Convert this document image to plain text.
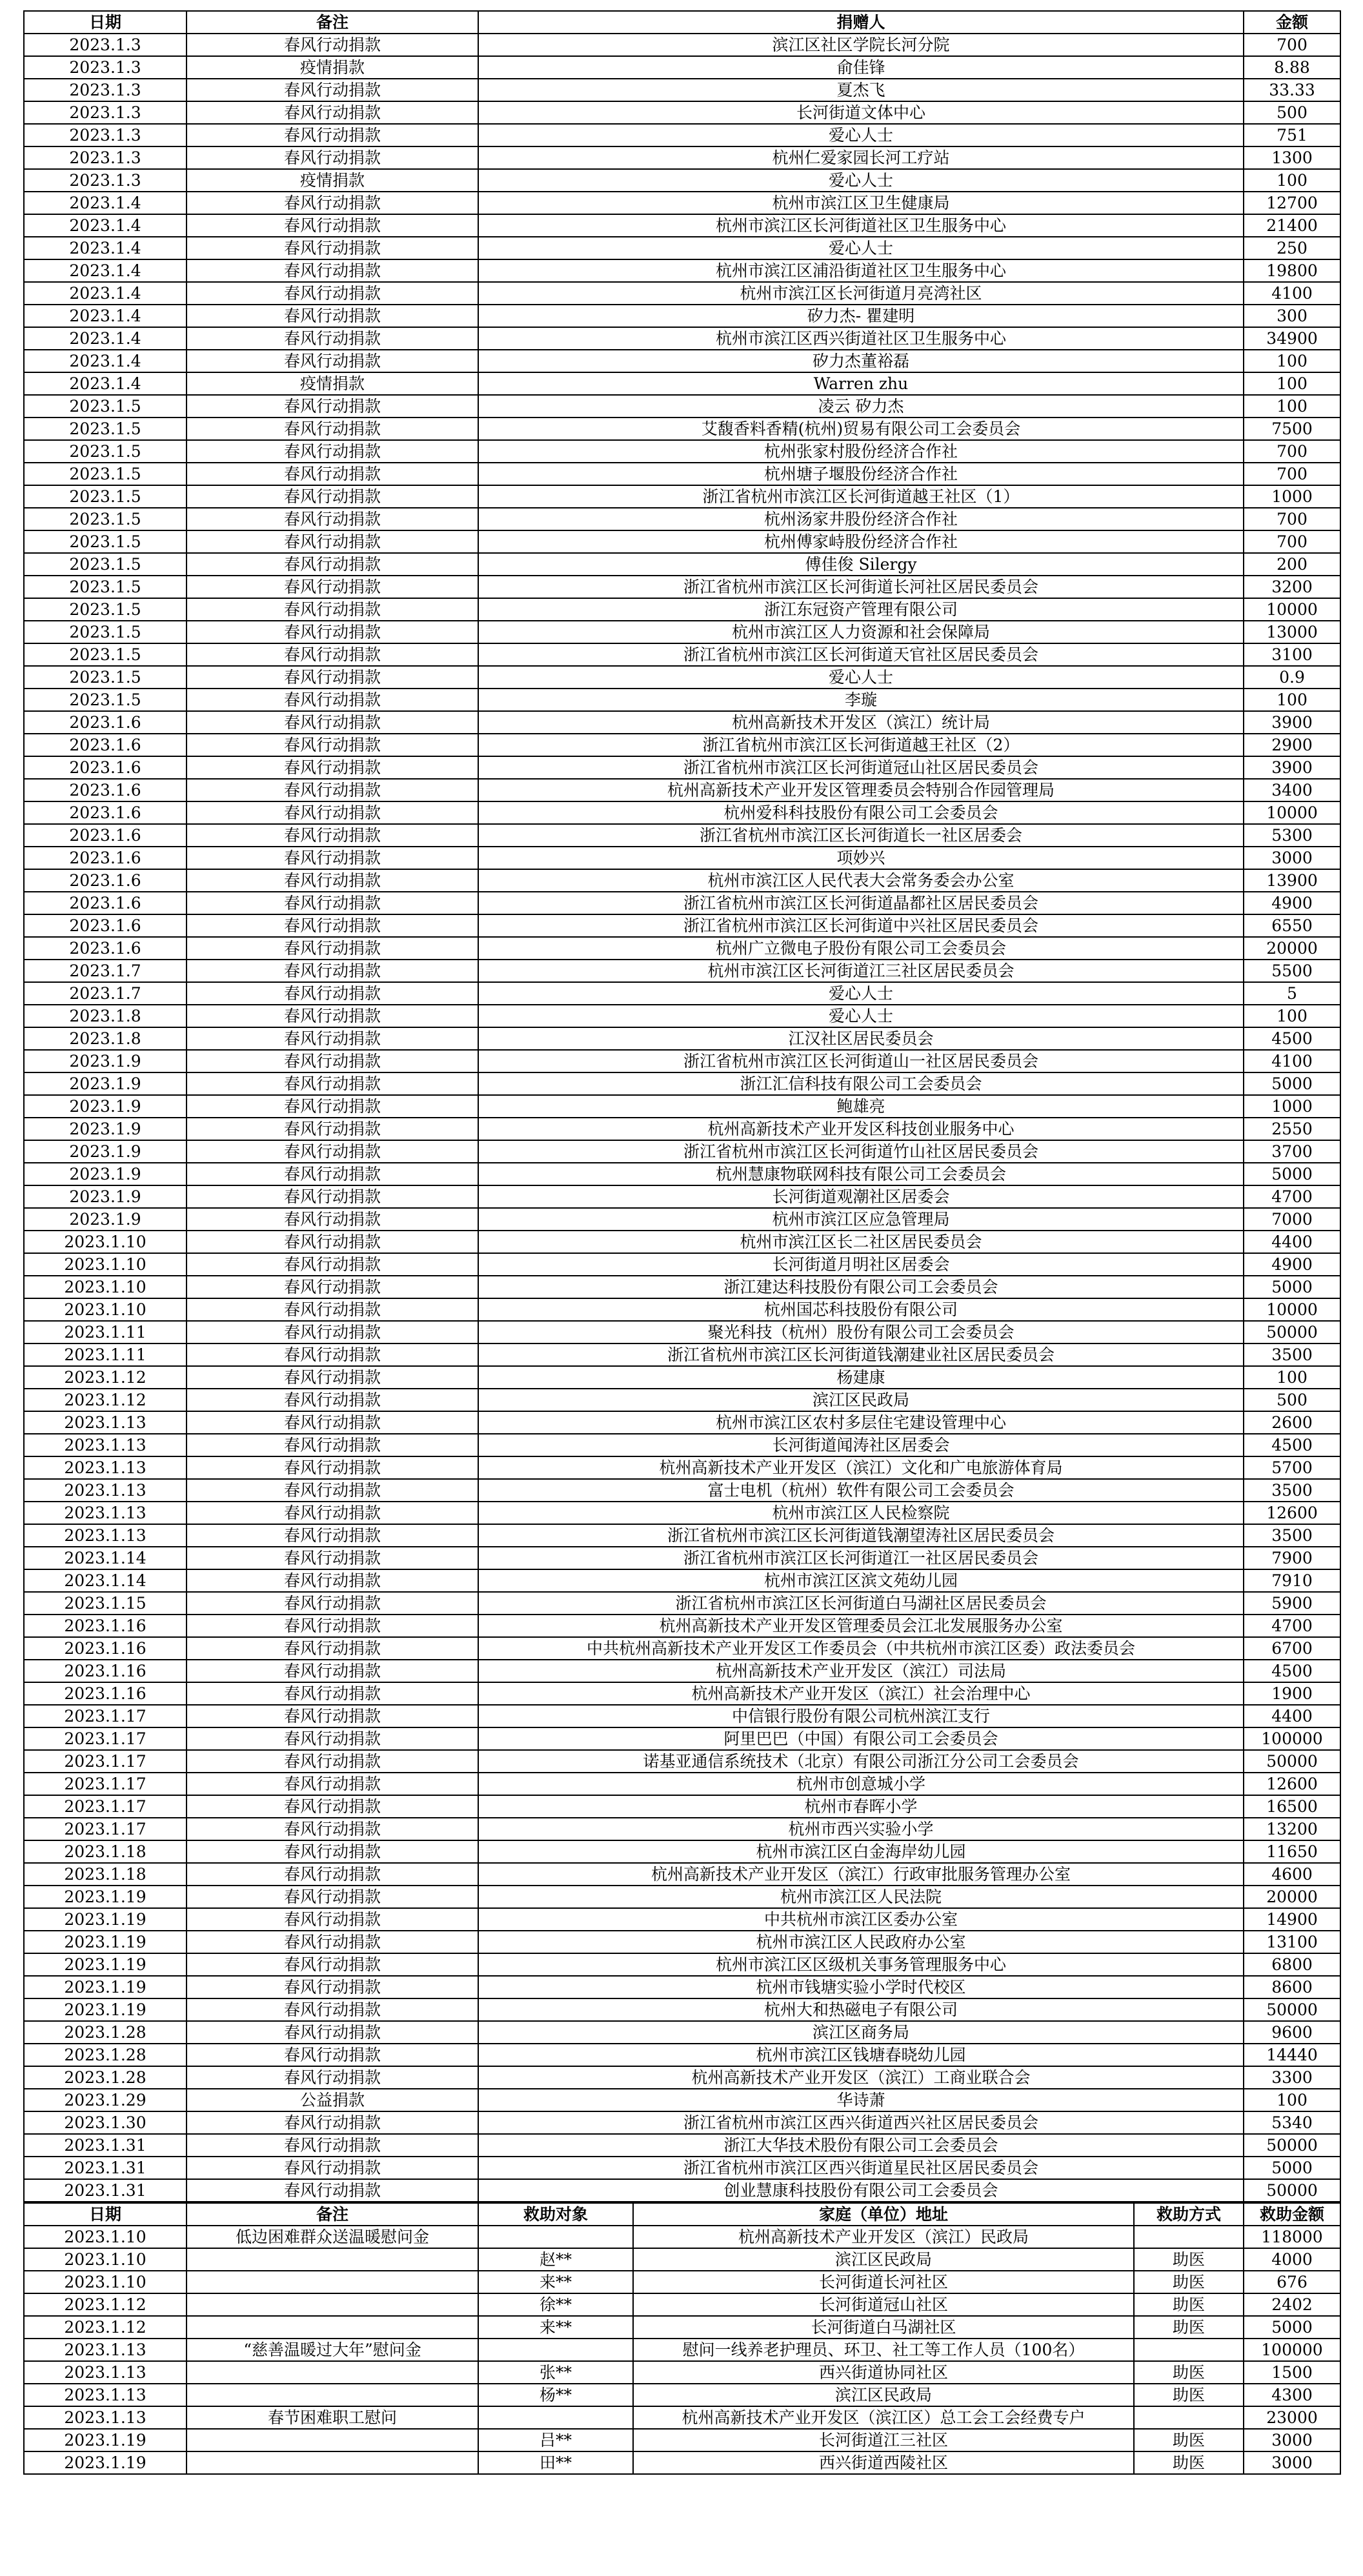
日期	备注	捐赠人	金额
2023.1.3	春风行动捐款	滨江区社区学院长河分院	700
2023.1.3	疫情捐款	俞佳锋	8.88
2023.1.3	春风行动捐款	夏杰飞	33.33
2023.1.3	春风行动捐款	长河街道文体中心	500
2023.1.3	春风行动捐款	爱心人士	751
2023.1.3	春风行动捐款	杭州仁爱家园长河工疗站	1300
2023.1.3	疫情捐款	爱心人士	100
2023.1.4	春风行动捐款	杭州市滨江区卫生健康局	12700
2023.1.4	春风行动捐款	杭州市滨江区长河街道社区卫生服务中心	21400
2023.1.4	春风行动捐款	爱心人士	250
2023.1.4	春风行动捐款	杭州市滨江区浦沿街道社区卫生服务中心	19800
2023.1.4	春风行动捐款	杭州市滨江区长河街道月亮湾社区	4100
2023.1.4	春风行动捐款	矽力杰- 瞿建明	300
2023.1.4	春风行动捐款	杭州市滨江区西兴街道社区卫生服务中心	34900
2023.1.4	春风行动捐款	矽力杰董裕磊	100
2023.1.4	疫情捐款	Warren zhu	100
2023.1.5	春风行动捐款	凌云 矽力杰	100
2023.1.5	春风行动捐款	艾馥香料香精(杭州)贸易有限公司工会委员会	7500
2023.1.5	春风行动捐款	杭州张家村股份经济合作社	700
2023.1.5	春风行动捐款	杭州塘子堰股份经济合作社	700
2023.1.5	春风行动捐款	浙江省杭州市滨江区长河街道越王社区（1）	1000
2023.1.5	春风行动捐款	杭州汤家井股份经济合作社	700
2023.1.5	春风行动捐款	杭州傅家峙股份经济合作社	700
2023.1.5	春风行动捐款	傅佳俊 Silergy	200
2023.1.5	春风行动捐款	浙江省杭州市滨江区长河街道长河社区居民委员会	3200
2023.1.5	春风行动捐款	浙江东冠资产管理有限公司	10000
2023.1.5	春风行动捐款	杭州市滨江区人力资源和社会保障局	13000
2023.1.5	春风行动捐款	浙江省杭州市滨江区长河街道天官社区居民委员会	3100
2023.1.5	春风行动捐款	爱心人士	0.9
2023.1.5	春风行动捐款	李璇	100
2023.1.6	春风行动捐款	杭州高新技术开发区（滨江）统计局	3900
2023.1.6	春风行动捐款	浙江省杭州市滨江区长河街道越王社区（2）	2900
2023.1.6	春风行动捐款	浙江省杭州市滨江区长河街道冠山社区居民委员会	3900
2023.1.6	春风行动捐款	杭州高新技术产业开发区管理委员会特别合作园管理局	3400
2023.1.6	春风行动捐款	杭州爱科科技股份有限公司工会委员会	10000
2023.1.6	春风行动捐款	浙江省杭州市滨江区长河街道长一社区居委会	5300
2023.1.6	春风行动捐款	项妙兴	3000
2023.1.6	春风行动捐款	杭州市滨江区人民代表大会常务委会办公室	13900
2023.1.6	春风行动捐款	浙江省杭州市滨江区长河街道晶都社区居民委员会	4900
2023.1.6	春风行动捐款	浙江省杭州市滨江区长河街道中兴社区居民委员会	6550
2023.1.6	春风行动捐款	杭州广立微电子股份有限公司工会委员会	20000
2023.1.7	春风行动捐款	杭州市滨江区长河街道江三社区居民委员会	5500
2023.1.7	春风行动捐款	爱心人士	5
2023.1.8	春风行动捐款	爱心人士	100
2023.1.8	春风行动捐款	江汉社区居民委员会	4500
2023.1.9	春风行动捐款	浙江省杭州市滨江区长河街道山一社区居民委员会	4100
2023.1.9	春风行动捐款	浙江汇信科技有限公司工会委员会	5000
2023.1.9	春风行动捐款	鲍雄亮	1000
2023.1.9	春风行动捐款	杭州高新技术产业开发区科技创业服务中心	2550
2023.1.9	春风行动捐款	浙江省杭州市滨江区长河街道竹山社区居民委员会	3700
2023.1.9	春风行动捐款	杭州慧康物联网科技有限公司工会委员会	5000
2023.1.9	春风行动捐款	长河街道观潮社区居委会	4700
2023.1.9	春风行动捐款	杭州市滨江区应急管理局	7000
2023.1.10	春风行动捐款	杭州市滨江区长二社区居民委员会	4400
2023.1.10	春风行动捐款	长河街道月明社区居委会	4900
2023.1.10	春风行动捐款	浙江建达科技股份有限公司工会委员会	5000
2023.1.10	春风行动捐款	杭州国芯科技股份有限公司	10000
2023.1.11	春风行动捐款	聚光科技（杭州）股份有限公司工会委员会	50000
2023.1.11	春风行动捐款	浙江省杭州市滨江区长河街道钱潮建业社区居民委员会	3500
2023.1.12	春风行动捐款	杨建康	100
2023.1.12	春风行动捐款	滨江区民政局	500
2023.1.13	春风行动捐款	杭州市滨江区农村多层住宅建设管理中心	2600
2023.1.13	春风行动捐款	长河街道闻涛社区居委会	4500
2023.1.13	春风行动捐款	杭州高新技术产业开发区（滨江）文化和广电旅游体育局	5700
2023.1.13	春风行动捐款	富士电机（杭州）软件有限公司工会委员会	3500
2023.1.13	春风行动捐款	杭州市滨江区人民检察院	12600
2023.1.13	春风行动捐款	浙江省杭州市滨江区长河街道钱潮望涛社区居民委员会	3500
2023.1.14	春风行动捐款	浙江省杭州市滨江区长河街道江一社区居民委员会	7900
2023.1.14	春风行动捐款	杭州市滨江区滨文苑幼儿园	7910
2023.1.15	春风行动捐款	浙江省杭州市滨江区长河街道白马湖社区居民委员会	5900
2023.1.16	春风行动捐款	杭州高新技术产业开发区管理委员会江北发展服务办公室	4700
2023.1.16	春风行动捐款	中共杭州高新技术产业开发区工作委员会（中共杭州市滨江区委）政法委员会	6700
2023.1.16	春风行动捐款	杭州高新技术产业开发区（滨江）司法局	4500
2023.1.16	春风行动捐款	杭州高新技术产业开发区（滨江）社会治理中心	1900
2023.1.17	春风行动捐款	中信银行股份有限公司杭州滨江支行	4400
2023.1.17	春风行动捐款	阿里巴巴（中国）有限公司工会委员会	100000
2023.1.17	春风行动捐款	诺基亚通信系统技术（北京）有限公司浙江分公司工会委员会	50000
2023.1.17	春风行动捐款	杭州市创意城小学	12600
2023.1.17	春风行动捐款	杭州市春晖小学	16500
2023.1.17	春风行动捐款	杭州市西兴实验小学	13200
2023.1.18	春风行动捐款	杭州市滨江区白金海岸幼儿园	11650
2023.1.18	春风行动捐款	杭州高新技术产业开发区（滨江）行政审批服务管理办公室	4600
2023.1.19	春风行动捐款	杭州市滨江区人民法院	20000
2023.1.19	春风行动捐款	中共杭州市滨江区委办公室	14900
2023.1.19	春风行动捐款	杭州市滨江区人民政府办公室	13100
2023.1.19	春风行动捐款	杭州市滨江区区级机关事务管理服务中心	6800
2023.1.19	春风行动捐款	杭州市钱塘实验小学时代校区	8600
2023.1.19	春风行动捐款	杭州大和热磁电子有限公司	50000
2023.1.28	春风行动捐款	滨江区商务局	9600
2023.1.28	春风行动捐款	杭州市滨江区钱塘春晓幼儿园	14440
2023.1.28	春风行动捐款	杭州高新技术产业开发区（滨江）工商业联合会	3300
2023.1.29	公益捐款	华诗萧	100
2023.1.30	春风行动捐款	浙江省杭州市滨江区西兴街道西兴社区居民委员会	5340
2023.1.31	春风行动捐款	浙江大华技术股份有限公司工会委员会	50000
2023.1.31	春风行动捐款	浙江省杭州市滨江区西兴街道星民社区居民委员会	5000
2023.1.31	春风行动捐款	创业慧康科技股份有限公司工会委员会	50000
日期	备注	救助对象	家庭（单位）地址	救助方式	救助金额
2023.1.10	低边困难群众送温暖慰问金		杭州高新技术产业开发区（滨江）民政局		118000
2023.1.10		赵**	滨江区民政局	助医	4000
2023.1.10		来**	长河街道长河社区	助医	676
2023.1.12		徐**	长河街道冠山社区	助医	2402
2023.1.12		来**	长河街道白马湖社区	助医	5000
2023.1.13	“慈善温暖过大年”慰问金		慰问一线养老护理员、环卫、社工等工作人员（100名）		100000
2023.1.13		张**	西兴街道协同社区	助医	1500
2023.1.13		杨**	滨江区民政局	助医	4300
2023.1.13	春节困难职工慰问		杭州高新技术产业开发区（滨江区）总工会工会经费专户		23000
2023.1.19		吕**	长河街道江三社区	助医	3000
2023.1.19		田**	西兴街道西陵社区	助医	3000
